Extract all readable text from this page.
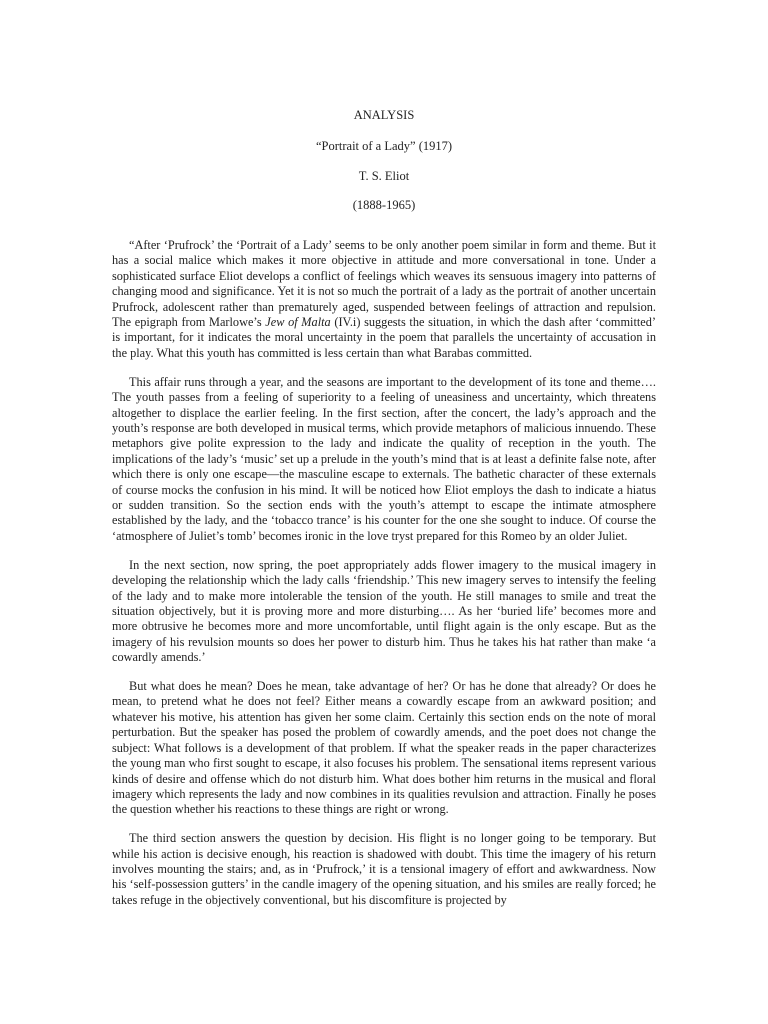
ANALYSIS
“Portrait of a Lady” (1917)
T. S. Eliot
(1888-1965)

“After ‘Prufrock’ the ‘Portrait of a Lady’ seems to be only another poem similar in form and theme. But it has a social malice which makes it more objective in attitude and more conversational in tone. Under a sophisticated surface Eliot develops a conflict of feelings which weaves its sensuous imagery into patterns of changing mood and significance. Yet it is not so much the portrait of a lady as the portrait of another uncertain Prufrock, adolescent rather than prematurely aged, suspended between feelings of attraction and repulsion. The epigraph from Marlowe’s Jew of Malta (IV.i) suggests the situation, in which the dash after ‘committed’ is important, for it indicates the moral uncertainty in the poem that parallels the uncertainty of accusation in the play. What this youth has committed is less certain than what Barabas committed.

This affair runs through a year, and the seasons are important to the development of its tone and theme…. The youth passes from a feeling of superiority to a feeling of uneasiness and uncertainty, which threatens altogether to displace the earlier feeling. In the first section, after the concert, the lady’s approach and the youth’s response are both developed in musical terms, which provide metaphors of malicious innuendo. These metaphors give polite expression to the lady and indicate the quality of reception in the youth. The implications of the lady’s ‘music’ set up a prelude in the youth’s mind that is at least a definite false note, after which there is only one escape—the masculine escape to externals. The bathetic character of these externals of course mocks the confusion in his mind. It will be noticed how Eliot employs the dash to indicate a hiatus or sudden transition. So the section ends with the youth’s attempt to escape the intimate atmosphere established by the lady, and the ‘tobacco trance’ is his counter for the one she sought to induce. Of course the ‘atmosphere of Juliet’s tomb’ becomes ironic in the love tryst prepared for this Romeo by an older Juliet.

In the next section, now spring, the poet appropriately adds flower imagery to the musical imagery in developing the relationship which the lady calls ‘friendship.’ This new imagery serves to intensify the feeling of the lady and to make more intolerable the tension of the youth. He still manages to smile and treat the situation objectively, but it is proving more and more disturbing…. As her ‘buried life’ becomes more and more obtrusive he becomes more and more uncomfortable, until flight again is the only escape. But as the imagery of his revulsion mounts so does her power to disturb him. Thus he takes his hat rather than make ‘a cowardly amends.’

But what does he mean? Does he mean, take advantage of her? Or has he done that already? Or does he mean, to pretend what he does not feel? Either means a cowardly escape from an awkward position; and whatever his motive, his attention has given her some claim. Certainly this section ends on the note of moral perturbation. But the speaker has posed the problem of cowardly amends, and the poet does not change the subject: What follows is a development of that problem. If what the speaker reads in the paper characterizes the young man who first sought to escape, it also focuses his problem. The sensational items represent various kinds of desire and offense which do not disturb him. What does bother him returns in the musical and floral imagery which represents the lady and now combines in its qualities revulsion and attraction. Finally he poses the question whether his reactions to these things are right or wrong.

The third section answers the question by decision. His flight is no longer going to be temporary. But while his action is decisive enough, his reaction is shadowed with doubt. This time the imagery of his return involves mounting the stairs; and, as in ‘Prufrock,’ it is a tensional imagery of effort and awkwardness. Now his ‘self-possession gutters’ in the candle imagery of the opening situation, and his smiles are really forced; he takes refuge in the objectively conventional, but his discomfiture is projected by
